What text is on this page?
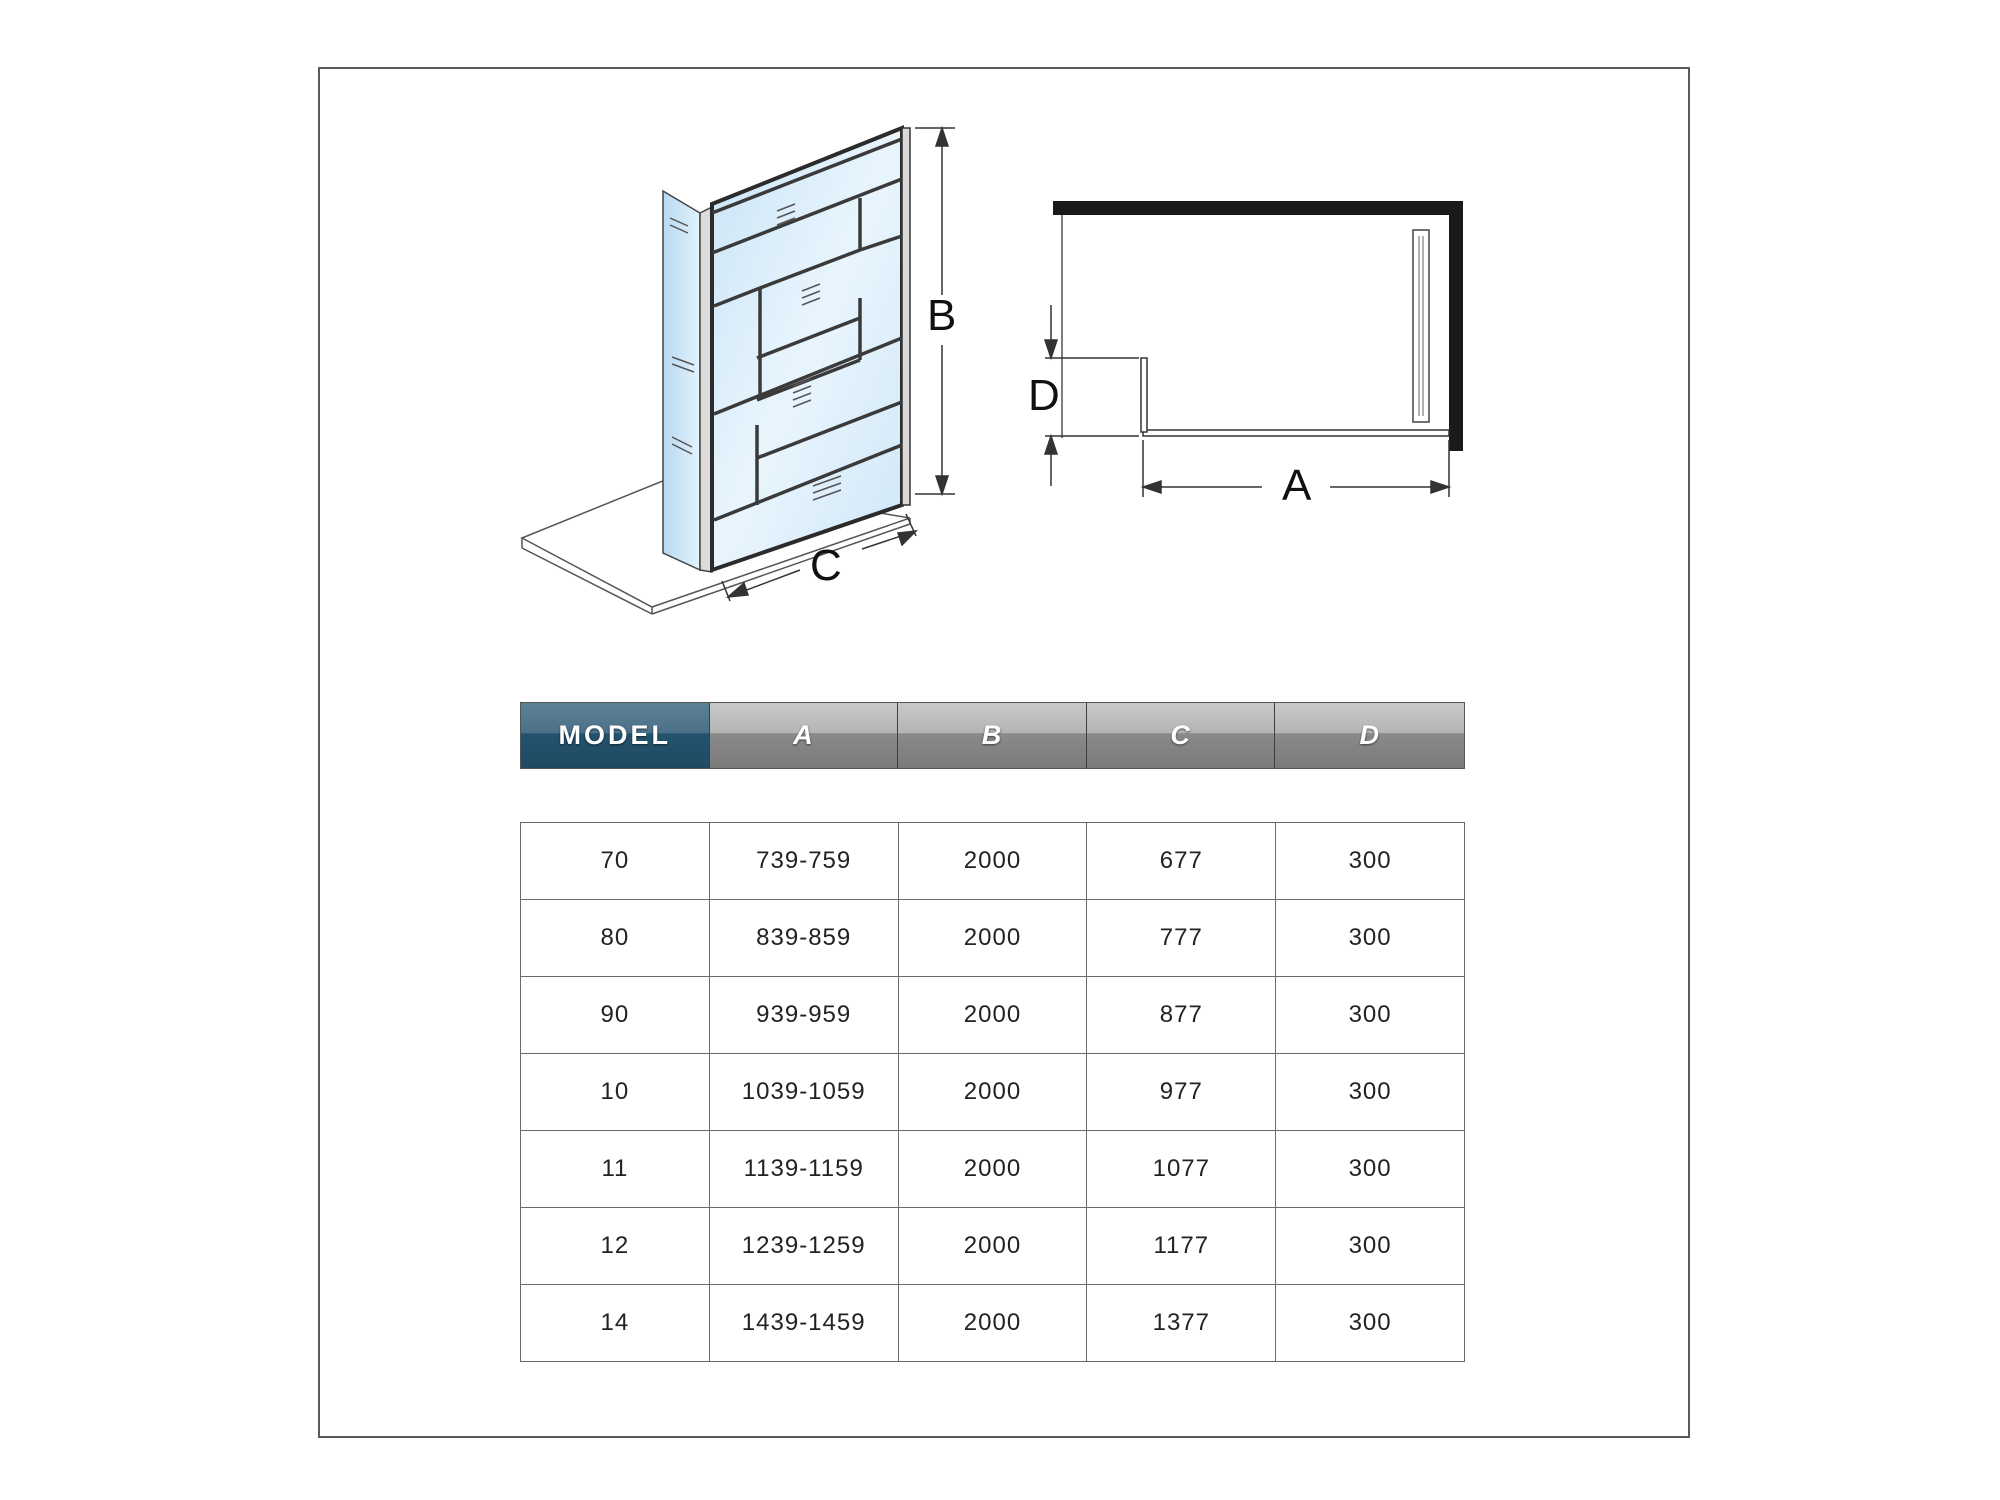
B
C
D
A
MODEL	A	B	C	D
70	739-759	2000	677	300
80	839-859	2000	777	300
90	939-959	2000	877	300
10	1039-1059	2000	977	300
11	1139-1159	2000	1077	300
12	1239-1259	2000	1177	300
14	1439-1459	2000	1377	300
